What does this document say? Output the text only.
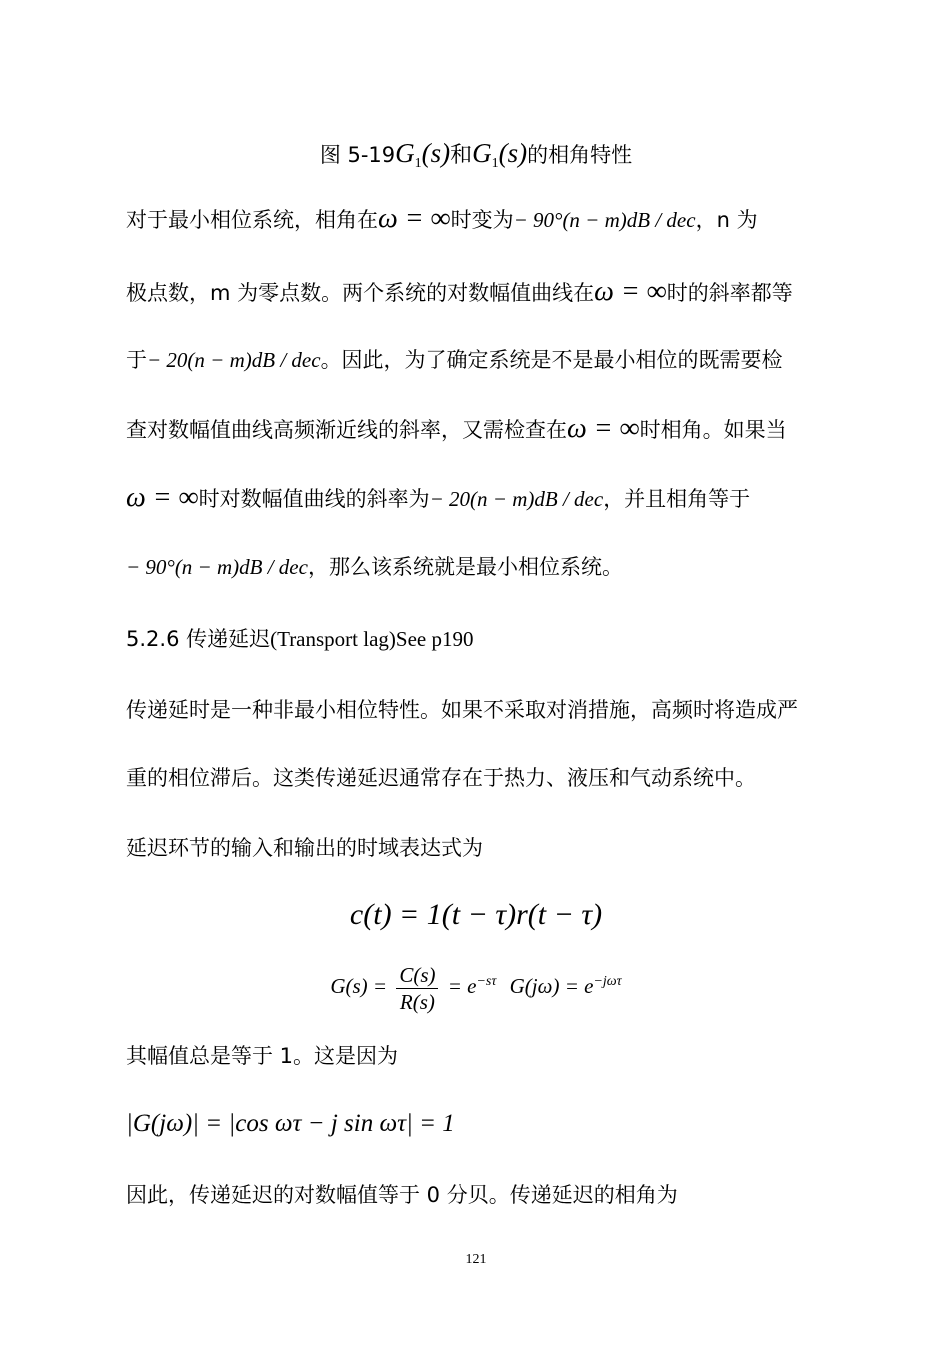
图 $5-19G_1(s)$和$G_1(s)$的相角特性
对于最小相位系统，相角在ω = ∞时变为− 90°(n − m)dB / dec，n 为
极点数，m 为零点数。两个系统的对数幅值曲线在ω = ∞时的斜率都等
于− 20(n − m)dB / dec。因此，为了确定系统是不是最小相位的既需要检
查对数幅值曲线高频渐近线的斜率，又需检查在ω = ∞时相角。如果当
ω = ∞时对数幅值曲线的斜率为− 20(n − m)dB / dec，并且相角等于
− 90°(n − m)dB / dec，那么该系统就是最小相位系统。
5.2.6 传递延迟(Transport lag)See p190
传递延时是一种非最小相位特性。如果不采取对消措施，高频时将造成严
重的相位滞后。这类传递延迟通常存在于热力、液压和气动系统中。
延迟环节的输入和输出的时域表达式为
c(t) = 1(t − τ)r(t − τ)
$G(s) = \frac{C(s)}{R(s)} = e^{-s\tau}$ $G(j\omega) = e^{-j\omega\tau}$
其幅值总是等于 1。这是因为
|G(jω)| = |cos ωτ − j sin ωτ| = 1
因此，传递延迟的对数幅值等于 0 分贝。传递延迟的相角为
121
